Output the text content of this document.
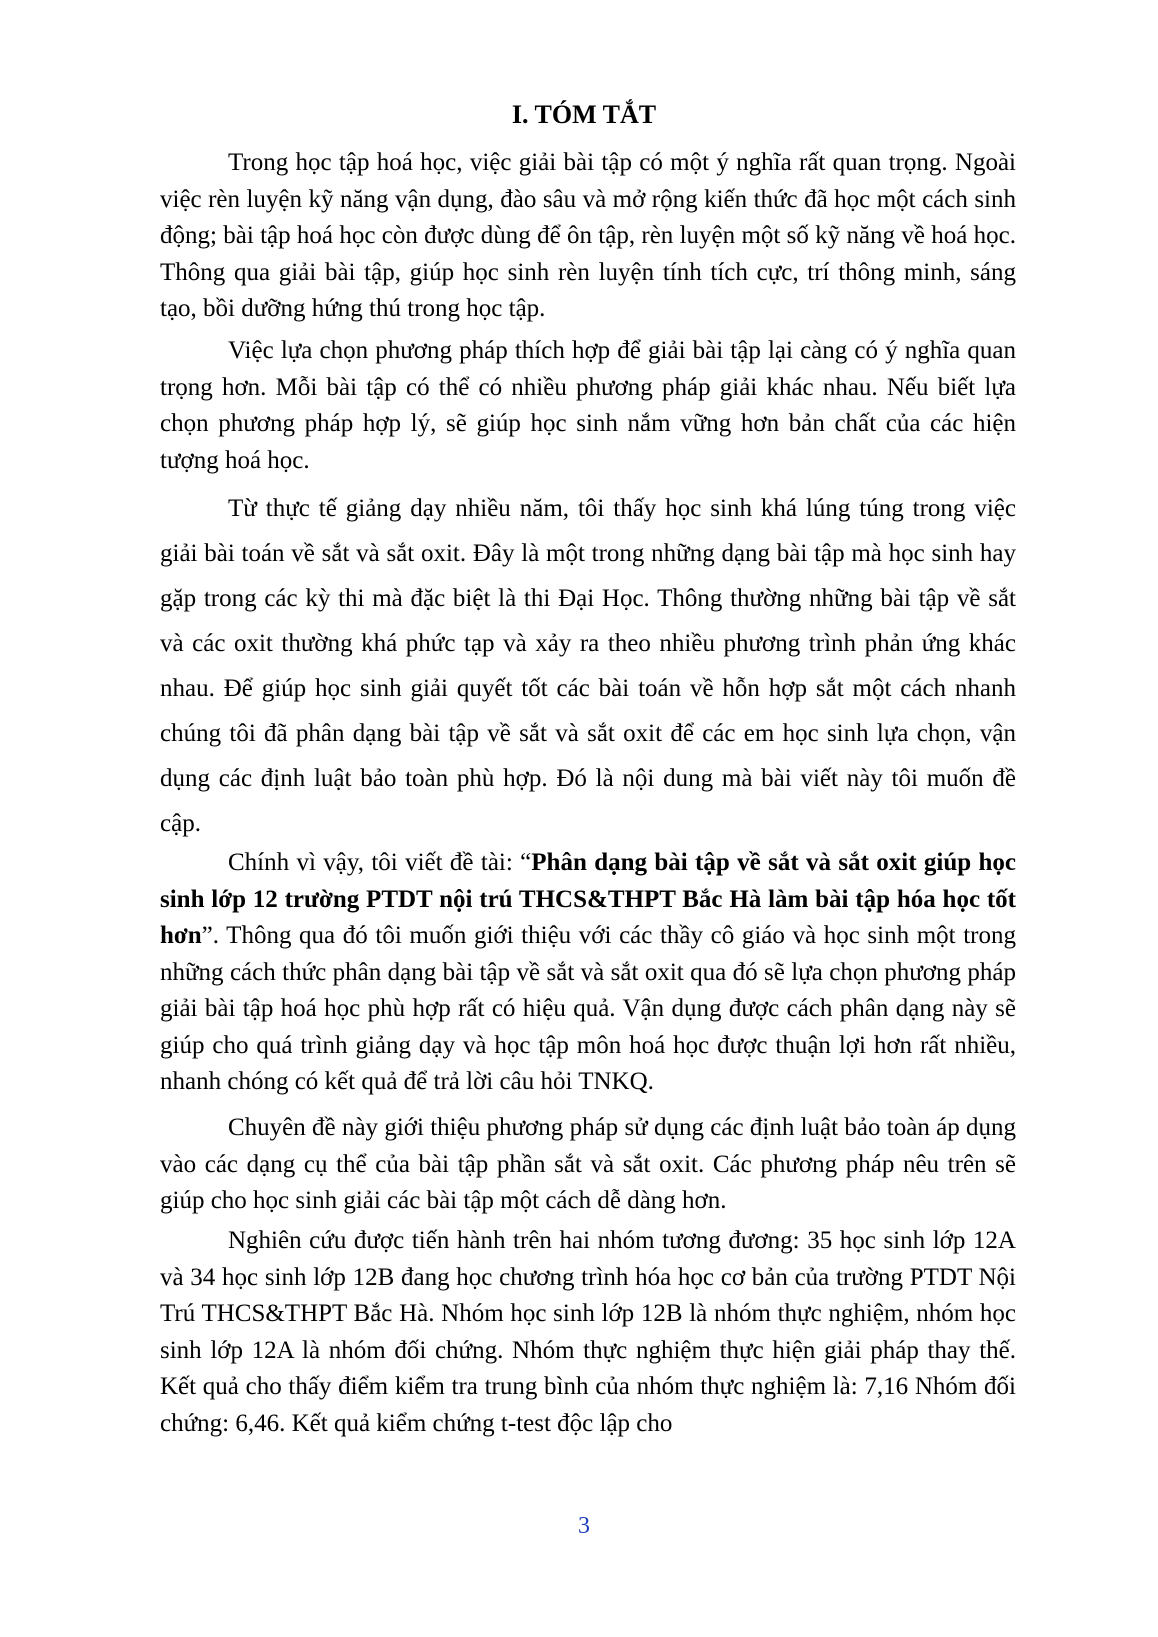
I. TÓM TẮT

Trong học tập hoá học, việc giải bài tập có một ý nghĩa rất quan trọng. Ngoài việc rèn luyện kỹ năng vận dụng, đào sâu và mở rộng kiến thức đã học một cách sinh động; bài tập hoá học còn được dùng để ôn tập, rèn luyện một số kỹ năng về hoá học. Thông qua giải bài tập, giúp học sinh rèn luyện tính tích cực, trí thông minh, sáng tạo, bồi dưỡng hứng thú trong học tập.

Việc lựa chọn phương pháp thích hợp để giải bài tập lại càng có ý nghĩa quan trọng hơn. Mỗi bài tập có thể có nhiều phương pháp giải khác nhau. Nếu biết lựa chọn phương pháp hợp lý, sẽ giúp học sinh nắm vững hơn bản chất của các hiện tượng hoá học.

Từ thực tế giảng dạy nhiều năm, tôi thấy học sinh khá lúng túng trong việc giải bài toán về sắt và sắt oxit. Đây là một trong những dạng bài tập mà học sinh hay gặp trong các kỳ thi mà đặc biệt là thi Đại Học. Thông thường những bài tập về sắt và các oxit thường khá phức tạp và xảy ra theo nhiều phương trình phản ứng khác nhau. Để giúp học sinh giải quyết tốt các bài toán về hỗn hợp sắt một cách nhanh chúng tôi đã phân dạng bài tập về sắt và sắt oxit để các em học sinh lựa chọn, vận dụng các định luật bảo toàn phù hợp. Đó là nội dung mà bài viết này tôi muốn đề cập.

Chính vì vậy, tôi viết đề tài: “Phân dạng bài tập về sắt và sắt oxit giúp học sinh lớp 12 trường PTDT nội trú THCS&THPT Bắc Hà làm bài tập hóa học tốt hơn”. Thông qua đó tôi muốn giới thiệu với các thầy cô giáo và học sinh một trong những cách thức phân dạng bài tập về sắt và sắt oxit qua đó sẽ lựa chọn phương pháp giải bài tập hoá học phù hợp rất có hiệu quả. Vận dụng được cách phân dạng này sẽ giúp cho quá trình giảng dạy và học tập môn hoá học được thuận lợi hơn rất nhiều, nhanh chóng có kết quả để trả lời câu hỏi TNKQ.

Chuyên đề này giới thiệu phương pháp sử dụng các định luật bảo toàn áp dụng vào các dạng cụ thể của bài tập phần sắt và sắt oxit. Các phương pháp nêu trên sẽ giúp cho học sinh giải các bài tập một cách dễ dàng hơn.

Nghiên cứu được tiến hành trên hai nhóm tương đương: 35 học sinh lớp 12A và 34 học sinh lớp 12B đang học chương trình hóa học cơ bản của trường PTDT Nội Trú THCS&THPT Bắc Hà. Nhóm học sinh lớp 12B là nhóm thực nghiệm, nhóm học sinh lớp 12A là nhóm đối chứng. Nhóm thực nghiệm thực hiện giải pháp thay thế. Kết quả cho thấy điểm kiểm tra trung bình của nhóm thực nghiệm là: 7,16 Nhóm đối chứng: 6,46. Kết quả kiểm chứng t-test độc lập cho

3
